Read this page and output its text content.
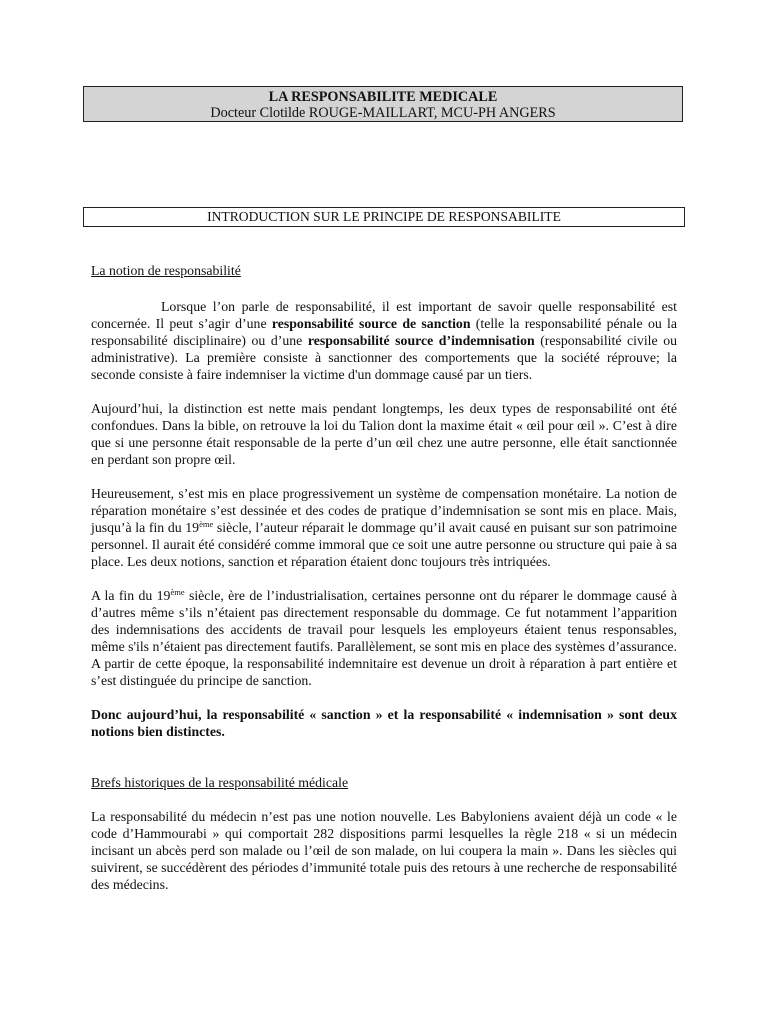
LA RESPONSABILITE MEDICALE
Docteur Clotilde ROUGE-MAILLART, MCU-PH ANGERS
INTRODUCTION SUR LE PRINCIPE DE RESPONSABILITE

La notion de responsabilité

Lorsque l’on parle de responsabilité, il est important de savoir quelle responsabilité est concernée. Il peut s’agir d’une responsabilité source de sanction (telle la responsabilité pénale ou la responsabilité disciplinaire) ou d’une responsabilité source d’indemnisation (responsabilité civile ou administrative). La première consiste à sanctionner des comportements que la société réprouve; la seconde consiste à faire indemniser la victime d'un dommage causé par un tiers.

Aujourd’hui, la distinction est nette mais pendant longtemps, les deux types de responsabilité ont été confondues. Dans la bible, on retrouve la loi du Talion dont la maxime était « œil pour œil ». C’est à dire que si une personne était responsable de la perte d’un œil chez une autre personne, elle était sanctionnée en perdant son propre œil.

Heureusement, s’est mis en place progressivement un système de compensation monétaire. La notion de réparation monétaire s’est dessinée et des codes de pratique d’indemnisation se sont mis en place. Mais, jusqu’à la fin du 19ème siècle, l’auteur réparait le dommage qu’il avait causé en puisant sur son patrimoine personnel. Il aurait été considéré comme immoral que ce soit une autre personne ou structure qui paie à sa place. Les deux notions, sanction et réparation étaient donc toujours très intriquées.

A la fin du 19ème siècle, ère de l’industrialisation, certaines personne ont du réparer le dommage causé à d’autres même s’ils n’étaient pas directement responsable du dommage. Ce fut notamment l’apparition des indemnisations des accidents de travail pour lesquels les employeurs étaient tenus responsables, même s'ils n’étaient pas directement fautifs. Parallèlement, se sont mis en place des systèmes d’assurance.

A partir de cette époque, la responsabilité indemnitaire est devenue un droit à réparation à part entière et s’est distinguée du principe de sanction.

Donc aujourd’hui, la responsabilité « sanction » et la responsabilité « indemnisation » sont deux notions bien distinctes.

Brefs historiques de la responsabilité médicale

La responsabilité du médecin n’est pas une notion nouvelle. Les Babyloniens avaient déjà un code « le code d’Hammourabi » qui comportait 282 dispositions parmi lesquelles la règle 218 « si un médecin incisant un abcès perd son malade ou l’œil de son malade, on lui coupera la main ». Dans les siècles qui suivirent, se succédèrent des périodes d’immunité totale puis des retours à une recherche de responsabilité des médecins.
